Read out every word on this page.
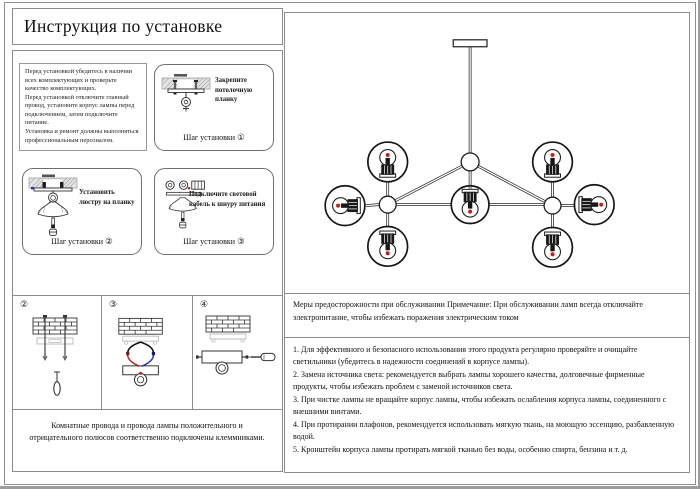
Инструкция по установке

Перед установкой убедитесь в наличии всех комплектующих и проверьте качество комплектующих.

Перед установкой отключите главный провод, установите корпус лампы перед подключением, затем подключите питание.

Установка и ремонт должны выполняться профессиональным персоналом.

Закрепите потолочную планку
Шаг установки ①
Установить люстру на планку
Шаг установки ②
Подключите световой кабель к шнуру питания
Шаг установки ③
②	③	④
Комнатные провода и провода лампы положительного и отрицательного полюсов соответственно подключены клеммниками.
Меры предосторожности при обслуживании Примечание: При обслуживании ламп всегда отключайте электропитание, чтобы избежать поражения электрическим током
1. Для эффективного и безопасного использования этого продукта регулярно проверяйте и очищайте светильники (убедитесь в надежности соединений в корпусе лампы).
2. Замена источника света: рекомендуется выбрать лампы хорошего качества, долговечные фирменные продукты, чтобы избежать проблем с заменой источников света.
3. При чистке лампы не вращайте корпус лампы, чтобы избежать ослабления корпуса лампы, соединенного с внешними винтами.
4. При протирании плафонов, рекомендуется использовать мягкую ткань, на моющую эссенцию, разбавленную водой.
5. Кронштейн корпуса лампы протирать мягкой тканью без воды, особенно спирта, бензина и т. д.
